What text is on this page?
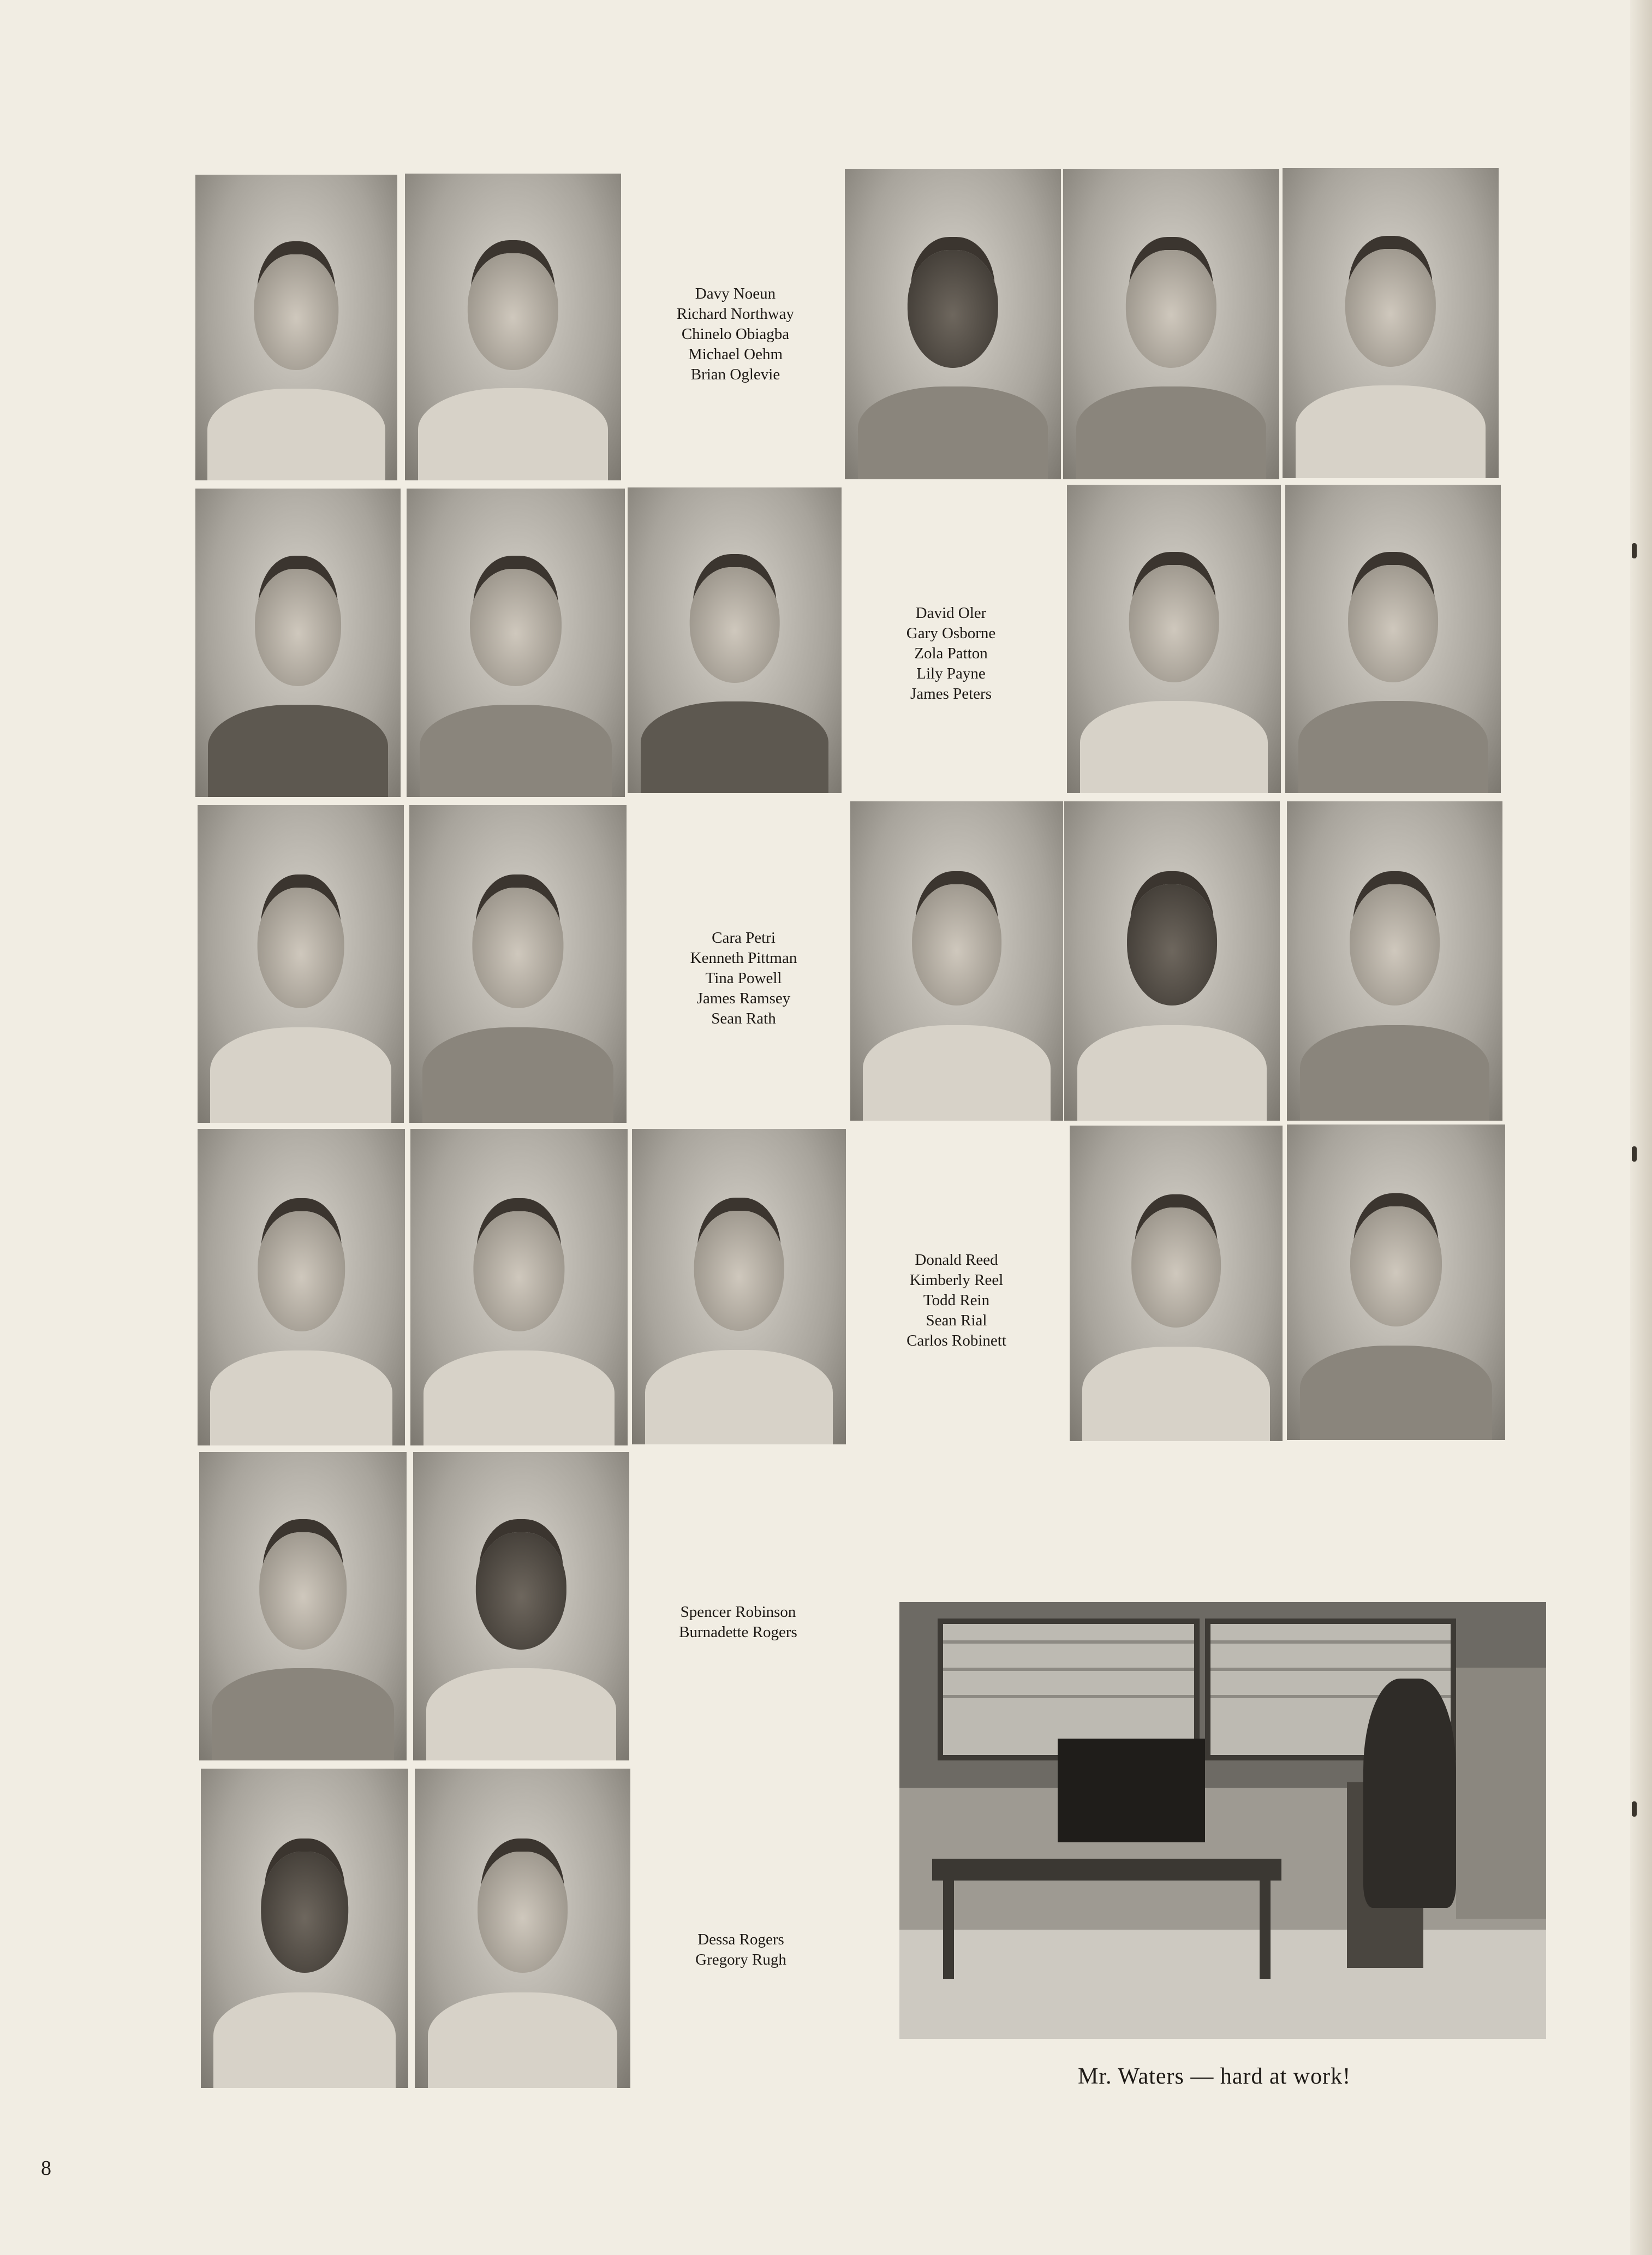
Davy Noeun
Richard Northway
Chinelo Obiagba
Michael Oehm
Brian Oglevie
David Oler
Gary Osborne
Zola Patton
Lily Payne
James Peters
Cara Petri
Kenneth Pittman
Tina Powell
James Ramsey
Sean Rath
Donald Reed
Kimberly Reel
Todd Rein
Sean Rial
Carlos Robinett
Spencer Robinson
Burnadette Rogers
Dessa Rogers
Gregory Rugh
Mr. Waters — hard at work!
8
